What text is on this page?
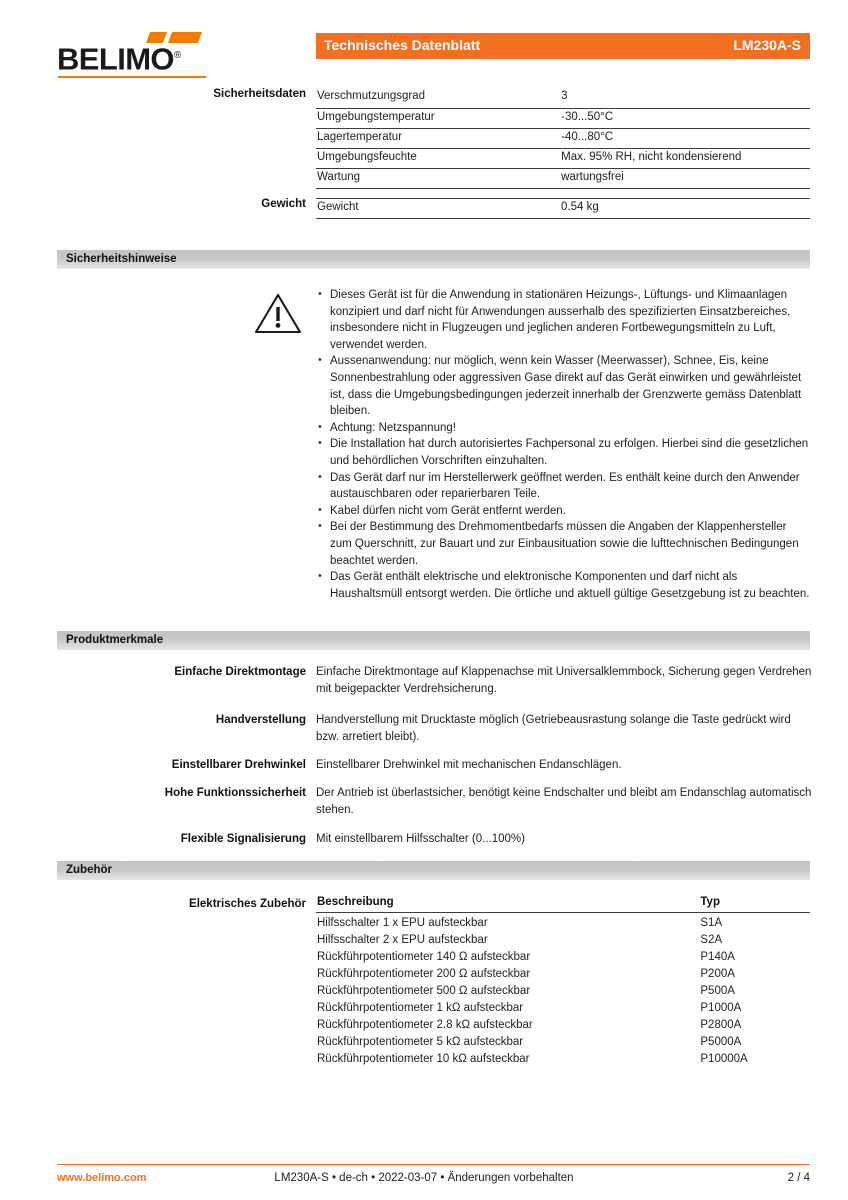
BELIMO®
Technisches Datenblatt	LM230A-S
Sicherheitsdaten Verschmutzungsgrad	3
Umgebungstemperatur	-30...50°C
Lagertemperatur	-40...80°C
Umgebungsfeuchte	Max. 95% RH, nicht kondensierend
Wartung	wartungsfrei
Gewicht Gewicht	0.54 kg
Sicherheitshinweise
• Dieses Gerät ist für die Anwendung in stationären Heizungs-, Lüftungs- und Klimaanlagen konzipiert und darf nicht für Anwendungen ausserhalb des spezifizierten Einsatzbereiches, insbesondere nicht in Flugzeugen und jeglichen anderen Fortbewegungsmitteln zu Luft, verwendet werden.
• Aussenanwendung: nur möglich, wenn kein Wasser (Meerwasser), Schnee, Eis, keine Sonnenbestrahlung oder aggressiven Gase direkt auf das Gerät einwirken und gewährleistet ist, dass die Umgebungsbedingungen jederzeit innerhalb der Grenzwerte gemäss Datenblatt bleiben.
• Achtung: Netzspannung!
• Die Installation hat durch autorisiertes Fachpersonal zu erfolgen. Hierbei sind die gesetzlichen und behördlichen Vorschriften einzuhalten.
• Das Gerät darf nur im Herstellerwerk geöffnet werden. Es enthält keine durch den Anwender austauschbaren oder reparierbaren Teile.
• Kabel dürfen nicht vom Gerät entfernt werden.
• Bei der Bestimmung des Drehmomentbedarfs müssen die Angaben der Klappenhersteller zum Querschnitt, zur Bauart und zur Einbausituation sowie die lufttechnischen Bedingungen beachtet werden.
• Das Gerät enthält elektrische und elektronische Komponenten und darf nicht als Haushaltsmüll entsorgt werden. Die örtliche und aktuell gültige Gesetzgebung ist zu beachten.
Produktmerkmale
Einfache Direktmontage Einfache Direktmontage auf Klappenachse mit Universalklemmbock, Sicherung gegen Verdrehen mit beigepackter Verdrehsicherung.
Handverstellung Handverstellung mit Drucktaste möglich (Getriebeausrastung solange die Taste gedrückt wird bzw. arretiert bleibt).
Einstellbarer Drehwinkel Einstellbarer Drehwinkel mit mechanischen Endanschlägen.
Hohe Funktionssicherheit Der Antrieb ist überlastsicher, benötigt keine Endschalter und bleibt am Endanschlag automatisch stehen.
Flexible Signalisierung Mit einstellbarem Hilfsschalter (0...100%)
Zubehör
Elektrisches Zubehör Beschreibung	Typ
Hilfsschalter 1 x EPU aufsteckbar	S1A
Hilfsschalter 2 x EPU aufsteckbar	S2A
Rückführpotentiometer 140 Ω aufsteckbar	P140A
Rückführpotentiometer 200 Ω aufsteckbar	P200A
Rückführpotentiometer 500 Ω aufsteckbar	P500A
Rückführpotentiometer 1 kΩ aufsteckbar	P1000A
Rückführpotentiometer 2.8 kΩ aufsteckbar	P2800A
Rückführpotentiometer 5 kΩ aufsteckbar	P5000A
Rückführpotentiometer 10 kΩ aufsteckbar	P10000A
www.belimo.com	LM230A-S • de-ch • 2022-03-07 • Änderungen vorbehalten	2 / 4
